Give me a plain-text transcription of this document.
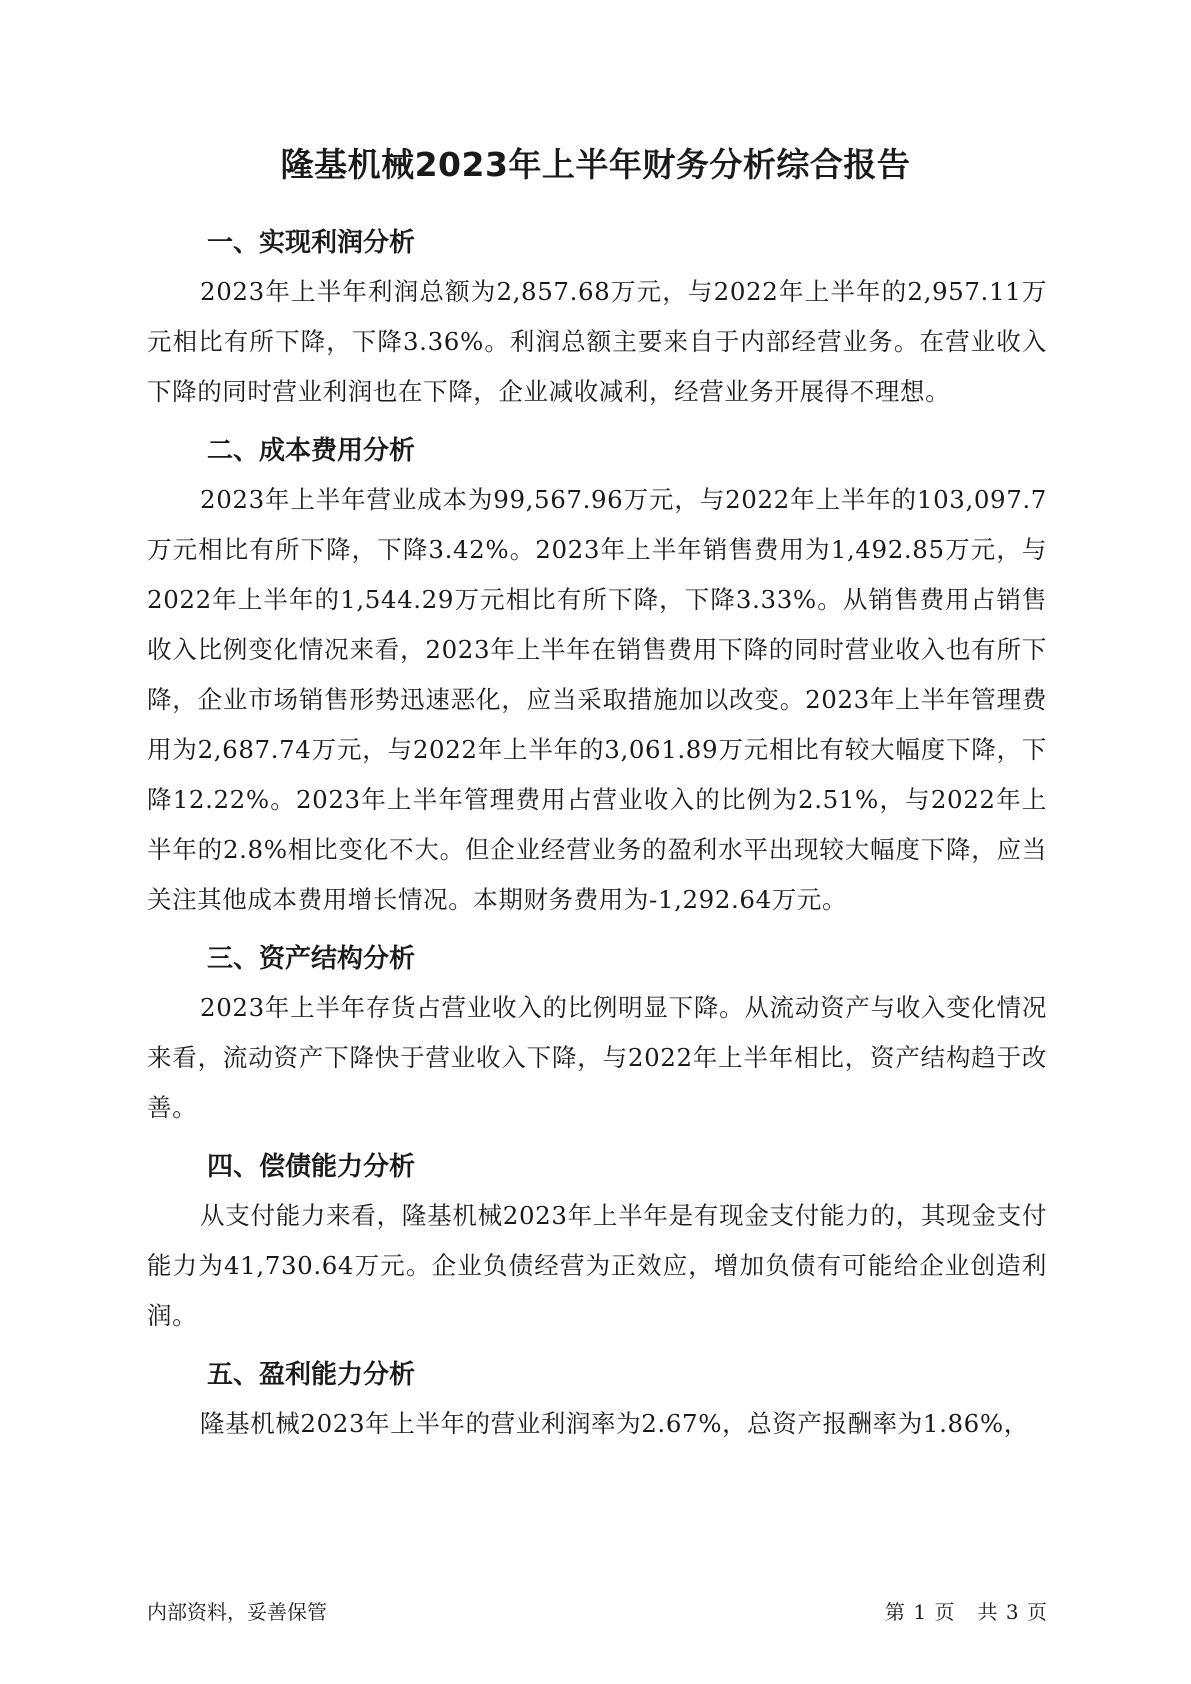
隆基机械2023年上半年财务分析综合报告
一、实现利润分析

2023年上半年利润总额为2,857.68万元，与2022年上半年的2,957.11万元相比有所下降，下降3.36%。利润总额主要来自于内部经营业务。在营业收入下降的同时营业利润也在下降，企业减收减利，经营业务开展得不理想。

二、成本费用分析

2023年上半年营业成本为99,567.96万元，与2022年上半年的103,097.7万元相比有所下降，下降3.42%。2023年上半年销售费用为1,492.85万元，与2022年上半年的1,544.29万元相比有所下降，下降3.33%。从销售费用占销售收入比例变化情况来看，2023年上半年在销售费用下降的同时营业收入也有所下降，企业市场销售形势迅速恶化，应当采取措施加以改变。2023年上半年管理费用为2,687.74万元，与2022年上半年的3,061.89万元相比有较大幅度下降，下降12.22%。2023年上半年管理费用占营业收入的比例为2.51%，与2022年上半年的2.8%相比变化不大。但企业经营业务的盈利水平出现较大幅度下降，应当关注其他成本费用增长情况。本期财务费用为-1,292.64万元。

三、资产结构分析

2023年上半年存货占营业收入的比例明显下降。从流动资产与收入变化情况来看，流动资产下降快于营业收入下降，与2022年上半年相比，资产结构趋于改善。

四、偿债能力分析

从支付能力来看，隆基机械2023年上半年是有现金支付能力的，其现金支付能力为41,730.64万元。企业负债经营为正效应，增加负债有可能给企业创造利润。

五、盈利能力分析

隆基机械2023年上半年的营业利润率为2.67%，总资产报酬率为1.86%，

内部资料，妥善保管	第 1 页   共 3 页
